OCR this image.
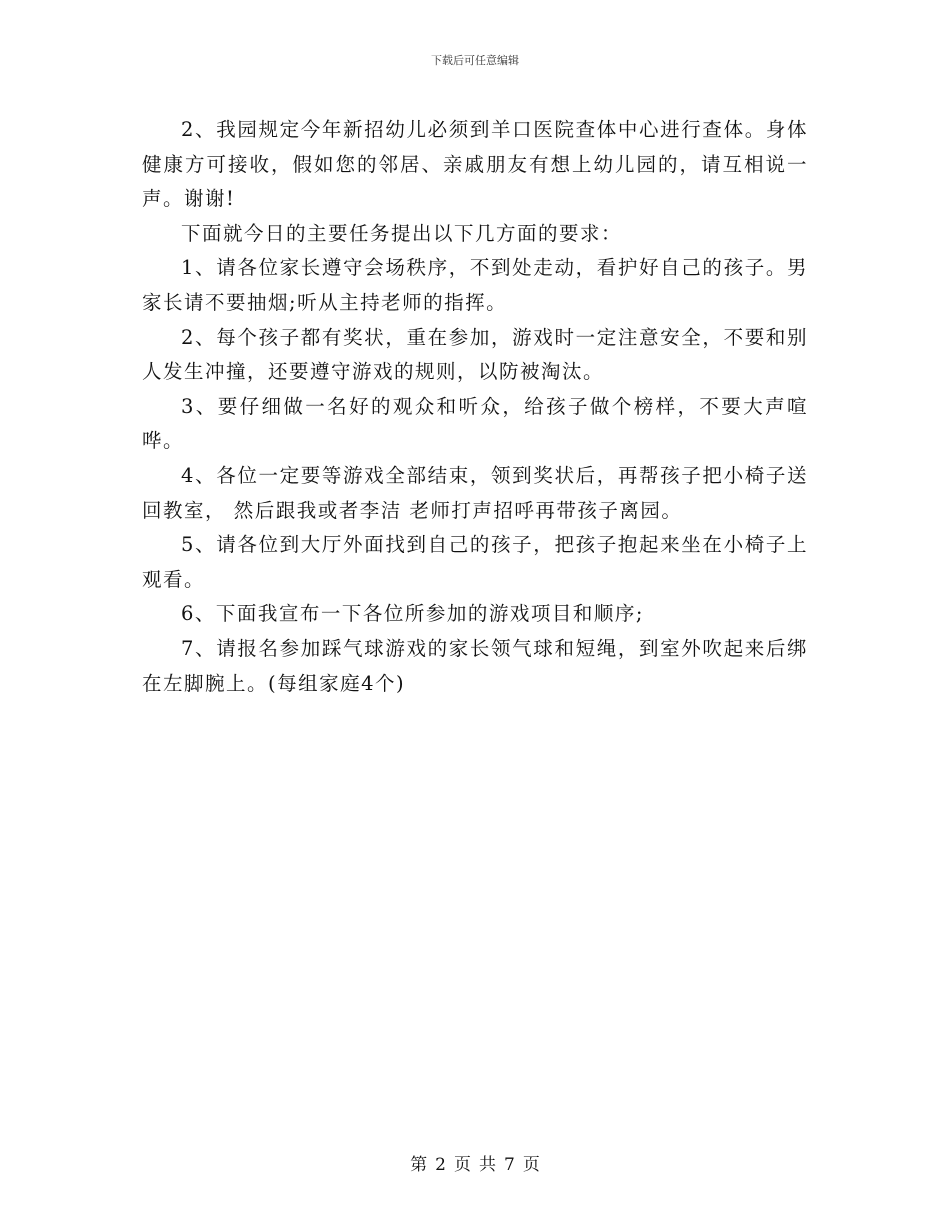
下载后可任意编辑

2、我园规定今年新招幼儿必须到羊口医院查体中心进行查体。身体健康方可接收，假如您的邻居、亲戚朋友有想上幼儿园的，请互相说一声。谢谢!

下面就今日的主要任务提出以下几方面的要求：

1、请各位家长遵守会场秩序，不到处走动，看护好自己的孩子。男家长请不要抽烟;听从主持老师的指挥。

2、每个孩子都有奖状，重在参加，游戏时一定注意安全，不要和别人发生冲撞，还要遵守游戏的规则，以防被淘汰。

3、要仔细做一名好的观众和听众，给孩子做个榜样，不要大声喧哗。

4、各位一定要等游戏全部结束，领到奖状后，再帮孩子把小椅子送回教室， 然后跟我或者李洁 老师打声招呼再带孩子离园。

5、请各位到大厅外面找到自己的孩子，把孩子抱起来坐在小椅子上观看。

6、下面我宣布一下各位所参加的游戏项目和顺序;

7、请报名参加踩气球游戏的家长领气球和短绳，到室外吹起来后绑在左脚腕上。(每组家庭4个)

第 2 页 共 7 页
